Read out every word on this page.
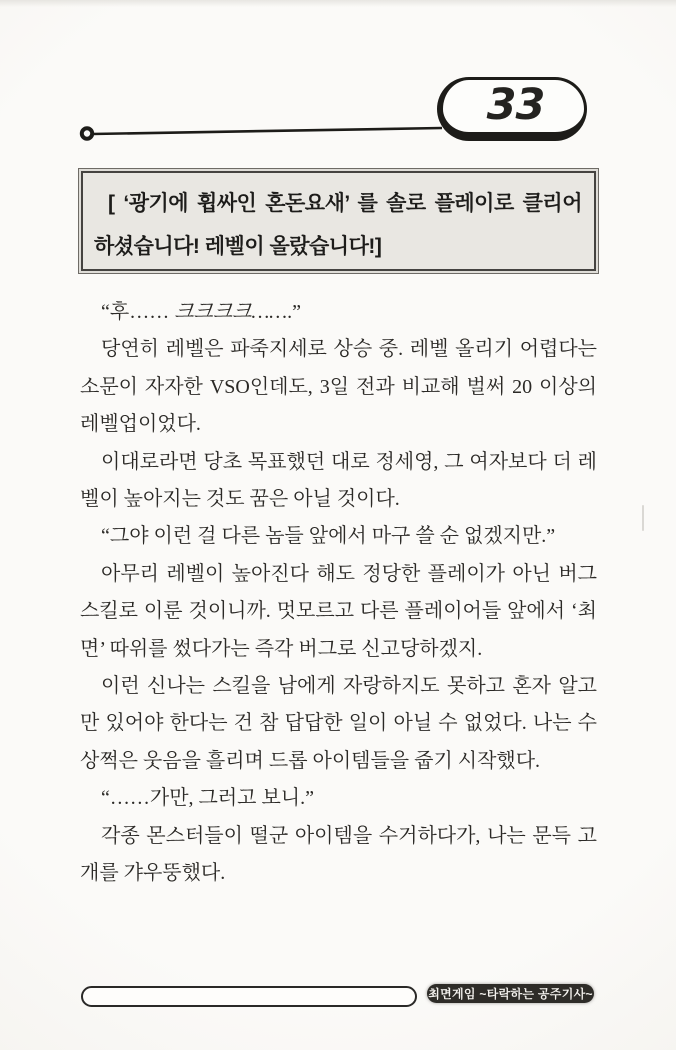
33

[ ‘광기에 휩싸인 혼돈요새’ 를 솔로 플레이로 클리어 하셨습니다! 레벨이 올랐습니다!]

“후…… 크크크크…….”

당연히 레벨은 파죽지세로 상승 중. 레벨 올리기 어렵다는 소문이 자자한 VSO인데도, 3일 전과 비교해 벌써 20 이상의 레벨업이었다.

이대로라면 당초 목표했던 대로 정세영, 그 여자보다 더 레벨이 높아지는 것도 꿈은 아닐 것이다.

“그야 이런 걸 다른 놈들 앞에서 마구 쓸 순 없겠지만.”

아무리 레벨이 높아진다 해도 정당한 플레이가 아닌 버그 스킬로 이룬 것이니까. 멋모르고 다른 플레이어들 앞에서 ‘최면’ 따위를 썼다가는 즉각 버그로 신고당하겠지.

이런 신나는 스킬을 남에게 자랑하지도 못하고 혼자 알고만 있어야 한다는 건 참 답답한 일이 아닐 수 없었다. 나는 수상쩍은 웃음을 흘리며 드롭 아이템들을 줍기 시작했다.

“……가만, 그러고 보니.”

각종 몬스터들이 떨군 아이템을 수거하다가, 나는 문득 고개를 갸우뚱했다.

최면게임 ~타락하는 공주기사~
